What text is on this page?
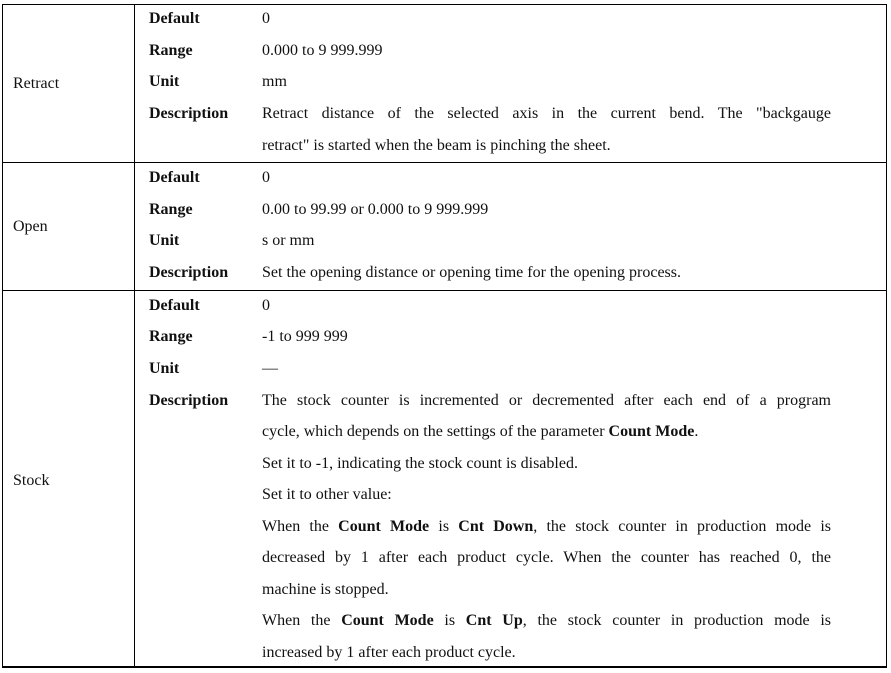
Retract
Default	0
Range	0.000 to 9 999.999
Unit	mm
Description Retract distance of the selected axis in the current bend. The "backgauge
retract" is started when the beam is pinching the sheet.
Open
Default	0
Range	0.00 to 99.99 or 0.000 to 9 999.999
Unit	s or mm
Description Set the opening distance or opening time for the opening process.
Stock
Default	0
Range	-1 to 999 999
Unit	—
Description The stock counter is incremented or decremented after each end of a program
cycle, which depends on the settings of the parameter Count Mode.
Set it to -1, indicating the stock count is disabled.
Set it to other value:
When the Count Mode is Cnt Down, the stock counter in production mode is
decreased by 1 after each product cycle. When the counter has reached 0, the
machine is stopped.
When the Count Mode is Cnt Up, the stock counter in production mode is
increased by 1 after each product cycle.
